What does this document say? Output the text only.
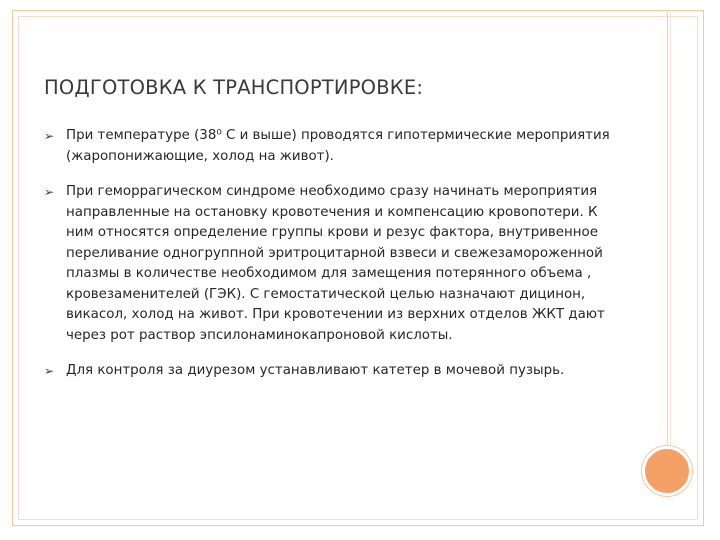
ПОДГОТОВКА К ТРАНСПОРТИРОВКЕ:
➢ При температуре (38⁰ С и выше) проводятся гипотермические мероприятия (жаропонижающие, холод на живот).
➢ При геморрагическом синдроме необходимо сразу начинать мероприятия направленные на остановку кровотечения и компенсацию кровопотери. К ним относятся определение группы крови и резус фактора, внутривенное переливание одногруппной эритроцитарной взвеси и свежезамороженной плазмы в количестве необходимом для замещения потерянного объема , кровезаменителей (ГЭК). С гемостатической целью назначают дицинон, викасол, холод на живот. При кровотечении из верхних отделов ЖКТ дают через рот раствор эпсилонаминокапроновой кислоты.
➢ Для контроля за диурезом устанавливают катетер в мочевой пузырь.
